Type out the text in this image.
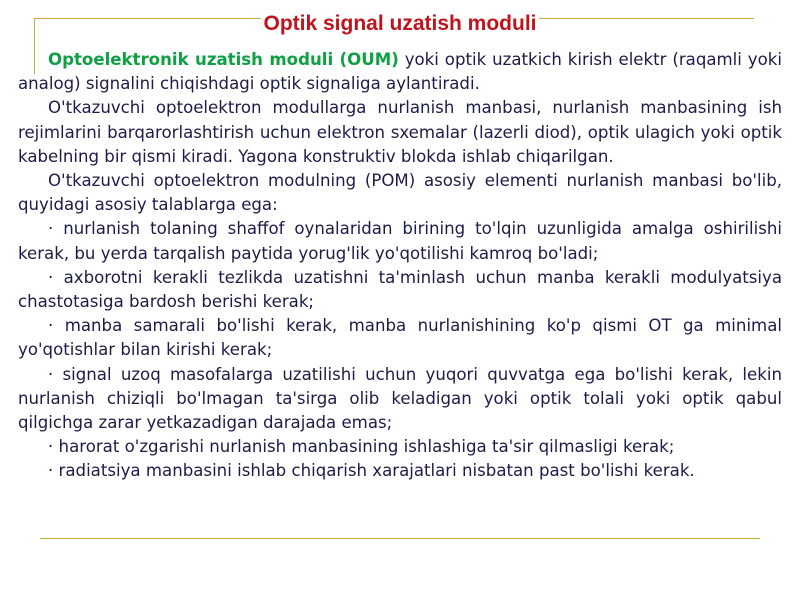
Optik signal uzatish moduli

Optoelektronik uzatish moduli (OUM) yoki optik uzatkich kirish elektr (raqamli yoki analog) signalini chiqishdagi optik signaliga aylantiradi.

O'tkazuvchi optoelektron modullarga nurlanish manbasi, nurlanish manbasining ish rejimlarini barqarorlashtirish uchun elektron sxemalar (lazerli diod), optik ulagich yoki optik kabelning bir qismi kiradi. Yagona konstruktiv blokda ishlab chiqarilgan.

O'tkazuvchi optoelektron modulning (POM) asosiy elementi nurlanish manbasi bo'lib, quyidagi asosiy talablarga ega:

· nurlanish tolaning shaffof oynalaridan birining to'lqin uzunligida amalga oshirilishi kerak, bu yerda tarqalish paytida yorug'lik yo'qotilishi kamroq bo'ladi;

· axborotni kerakli tezlikda uzatishni ta'minlash uchun manba kerakli modulyatsiya chastotasiga bardosh berishi kerak;

· manba samarali bo'lishi kerak, manba nurlanishining ko'p qismi OT ga minimal yo'qotishlar bilan kirishi kerak;

· signal uzoq masofalarga uzatilishi uchun yuqori quvvatga ega bo'lishi kerak, lekin nurlanish chiziqli bo'lmagan ta'sirga olib keladigan yoki optik tolali yoki optik qabul qilgichga zarar yetkazadigan darajada emas;

· harorat o'zgarishi nurlanish manbasining ishlashiga ta'sir qilmasligi kerak;

· radiatsiya manbasini ishlab chiqarish xarajatlari nisbatan past bo'lishi kerak.
